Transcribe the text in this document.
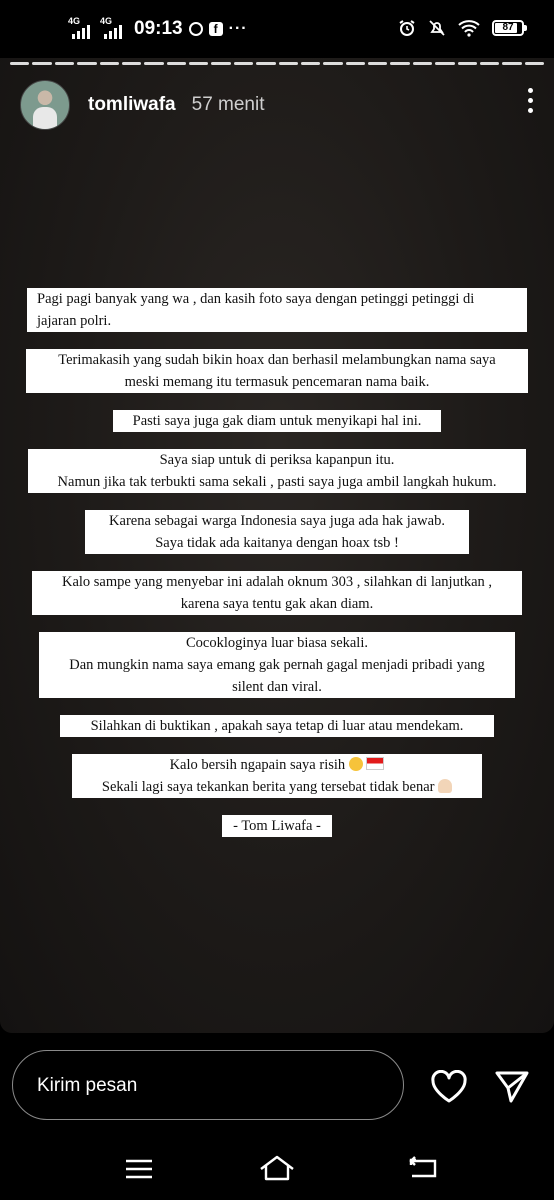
4G 4G 09:13	f ···	87
tomliwafa 57 menit
Pagi pagi banyak yang wa , dan kasih foto saya dengan petinggi petinggi di
jajaran polri.
Terimakasih yang sudah bikin hoax dan berhasil melambungkan nama saya
meski memang itu termasuk pencemaran nama baik.
Pasti saya juga gak diam untuk menyikapi hal ini.
Saya siap untuk di periksa kapanpun itu.
Namun jika tak terbukti sama sekali , pasti saya juga ambil langkah hukum.
Karena sebagai warga Indonesia saya juga ada hak jawab.
Saya tidak ada kaitanya dengan hoax tsb !
Kalo sampe yang menyebar ini adalah oknum 303 , silahkan di lanjutkan ,
karena saya tentu gak akan diam.
Cocokloginya luar biasa sekali.
Dan mungkin nama saya emang gak pernah gagal menjadi pribadi yang
silent dan viral.
Silahkan di buktikan , apakah saya tetap di luar atau mendekam.
Kalo bersih ngapain saya risih
Sekali lagi saya tekankan berita yang tersebat tidak benar
- Tom Liwafa -
Kirim pesan
